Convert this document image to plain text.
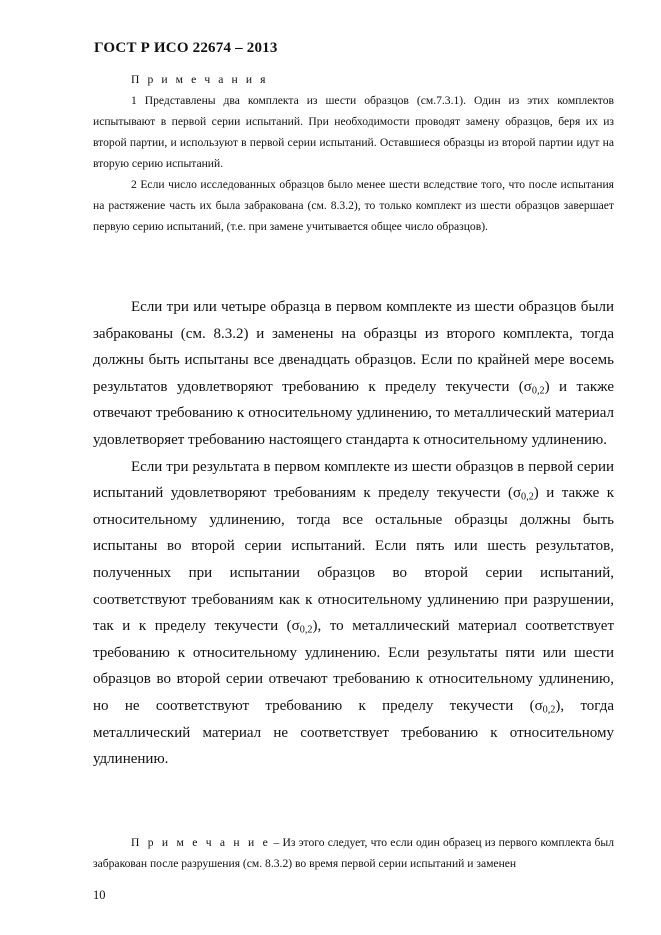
ГОСТ Р ИСО 22674 – 2013

П р и м е ч а н и я

1 Представлены два комплекта из шести образцов (см.7.3.1). Один из этих комплектов испытывают в первой серии испытаний. При необходимости проводят замену образцов, беря их из второй партии, и используют в первой серии испытаний. Оставшиеся образцы из второй партии идут на вторую серию испытаний.

2 Если число исследованных образцов было менее шести вследствие того, что после испытания на растяжение часть их была забракована (см. 8.3.2), то только комплект из шести образцов завершает первую серию испытаний, (т.е. при замене учитывается общее число образцов).

Если три или четыре образца в первом комплекте из шести образцов были забракованы (см. 8.3.2) и заменены на образцы из второго комплекта, тогда должны быть испытаны все двенадцать образцов. Если по крайней мере восемь результатов удовлетворяют требованию к пределу текучести $(\sigma_{0,2})$ и также отвечают требованию к относительному удлинению, то металлический материал удовлетворяет требованию настоящего стандарта к относительному удлинению.

Если три результата в первом комплекте из шести образцов в первой серии испытаний удовлетворяют требованиям к пределу текучести $(\sigma_{0,2})$ и также к относительному удлинению, тогда все остальные образцы должны быть испытаны во второй серии испытаний. Если пять или шесть результатов, полученных при испытании образцов во второй серии испытаний, соответствуют требованиям как к относительному удлинению при разрушении, так и к пределу текучести $(\sigma_{0,2})$, то металлический материал соответствует требованию к относительному удлинению. Если результаты пяти или шести образцов во второй серии отвечают требованию к относительному удлинению, но не соответствуют требованию к пределу текучести $(\sigma_{0,2})$, тогда металлический материал не соответствует требованию к относительному удлинению.

П р и м е ч а н и е – Из этого следует, что если один образец из первого комплекта был забракован после разрушения (см. 8.3.2) во время первой серии испытаний и заменен

10
